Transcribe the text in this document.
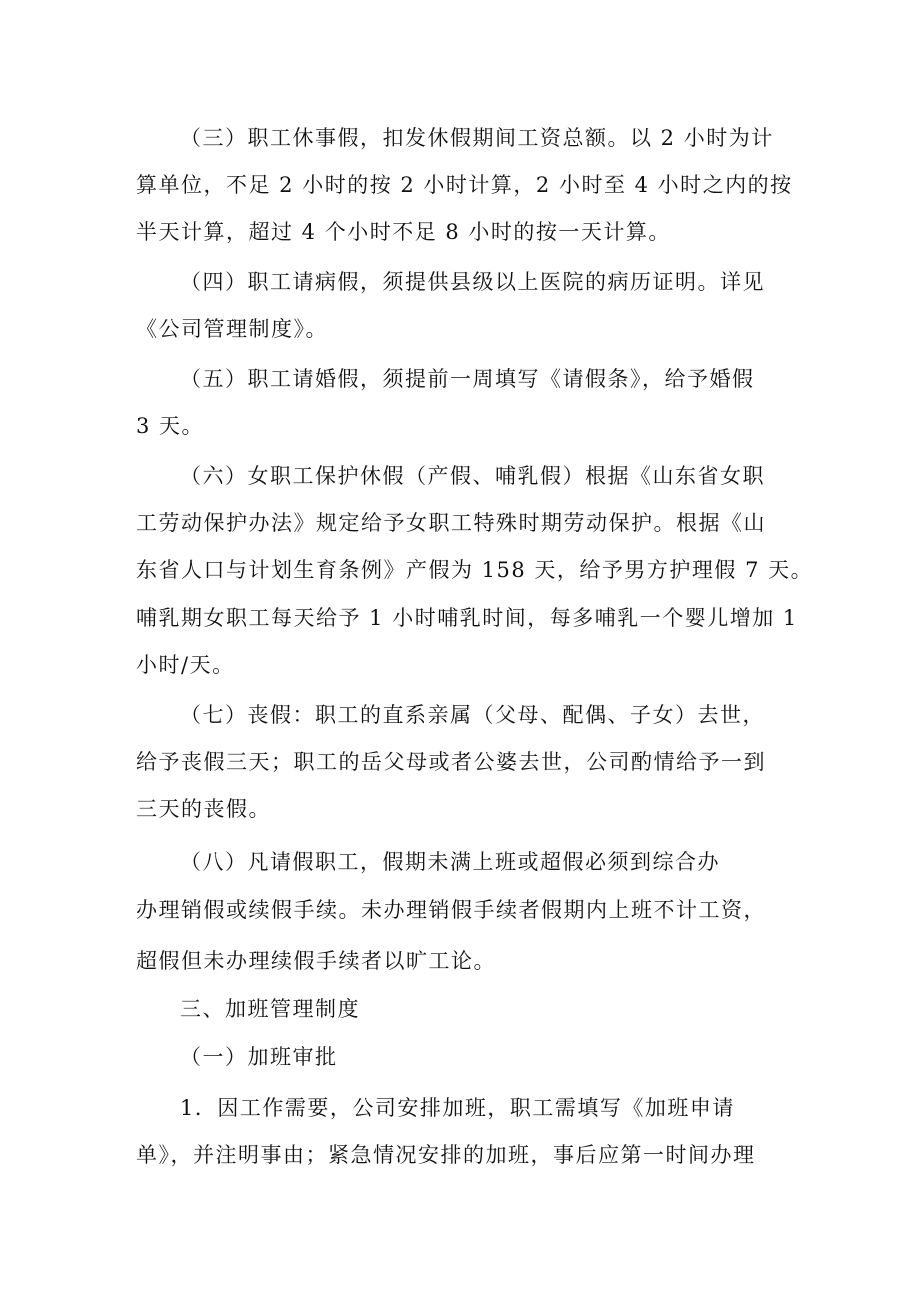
（三）职工休事假，扣发休假期间工资总额。以 2 小时为计
算单位，不足 2 小时的按 2 小时计算，2 小时至 4 小时之内的按
半天计算，超过 4 个小时不足 8 小时的按一天计算。
（四）职工请病假，须提供县级以上医院的病历证明。详见
《公司管理制度》。
（五）职工请婚假，须提前一周填写《请假条》，给予婚假
3 天。
（六）女职工保护休假（产假、哺乳假）根据《山东省女职
工劳动保护办法》规定给予女职工特殊时期劳动保护。根据《山
东省人口与计划生育条例》产假为 158 天，给予男方护理假 7 天。
哺乳期女职工每天给予 1 小时哺乳时间，每多哺乳一个婴儿增加 1
小时/天。
（七）丧假：职工的直系亲属（父母、配偶、子女）去世，
给予丧假三天；职工的岳父母或者公婆去世，公司酌情给予一到
三天的丧假。
（八）凡请假职工，假期未满上班或超假必须到综合办
办理销假或续假手续。未办理销假手续者假期内上班不计工资，
超假但未办理续假手续者以旷工论。
三、加班管理制度
（一）加班审批
1．因工作需要，公司安排加班，职工需填写《加班申请
单》，并注明事由；紧急情况安排的加班，事后应第一时间办理
